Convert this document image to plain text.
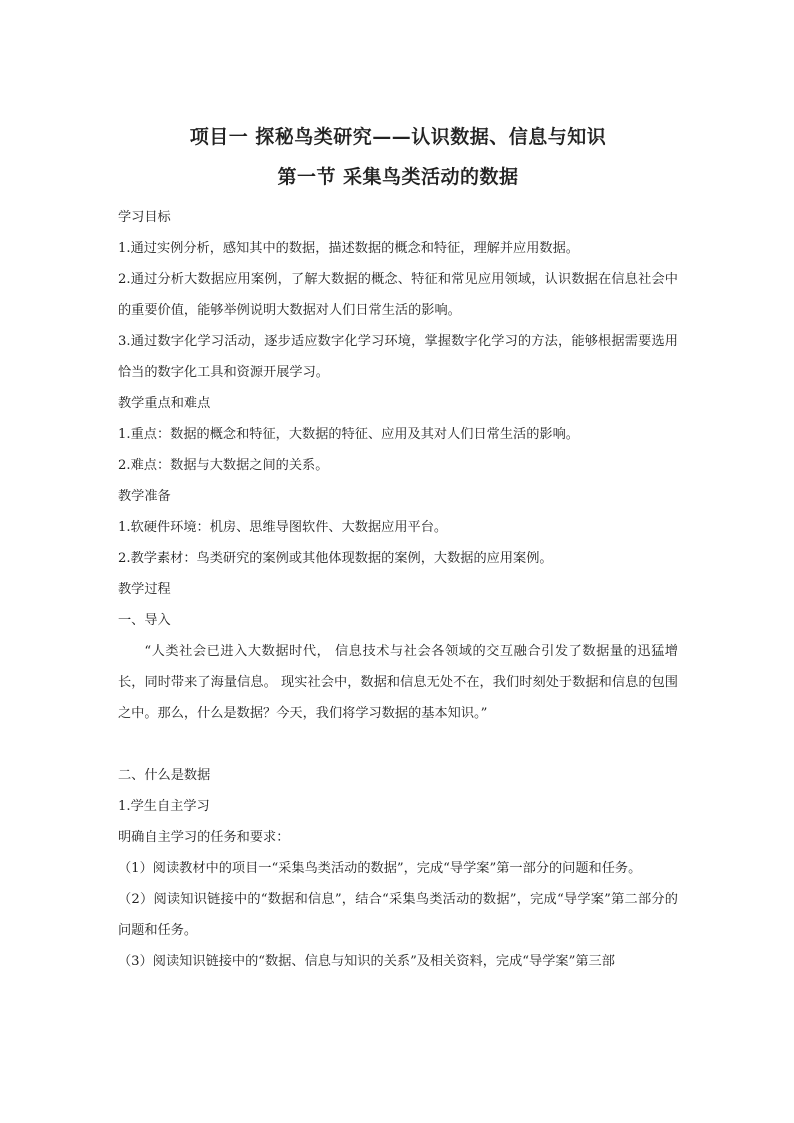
项目一 探秘鸟类研究——认识数据、信息与知识

第一节 采集鸟类活动的数据

学习目标

1.通过实例分析，感知其中的数据，描述数据的概念和特征，理解并应用数据。

2.通过分析大数据应用案例，了解大数据的概念、特征和常见应用领域，认识数据在信息社会中的重要价值，能够举例说明大数据对人们日常生活的影响。

3.通过数字化学习活动，逐步适应数字化学习环境，掌握数字化学习的方法，能够根据需要选用恰当的数字化工具和资源开展学习。

教学重点和难点

1.重点：数据的概念和特征，大数据的特征、应用及其对人们日常生活的影响。

2.难点：数据与大数据之间的关系。

教学准备

1.软硬件环境：机房、思维导图软件、大数据应用平台。

2.教学素材：鸟类研究的案例或其他体现数据的案例，大数据的应用案例。

教学过程

一、导入

“人类社会已进入大数据时代， 信息技术与社会各领域的交互融合引发了数据量的迅猛增长，同时带来了海量信息。 现实社会中，数据和信息无处不在，我们时刻处于数据和信息的包围之中。那么，什么是数据？今天，我们将学习数据的基本知识。”

二、什么是数据

1.学生自主学习

明确自主学习的任务和要求：

（1）阅读教材中的项目一“采集鸟类活动的数据”，完成“导学案”第一部分的问题和任务。

（2）阅读知识链接中的“数据和信息”，结合“采集鸟类活动的数据”，完成“导学案”第二部分的问题和任务。

（3）阅读知识链接中的“数据、信息与知识的关系”及相关资料，完成“导学案”第三部
